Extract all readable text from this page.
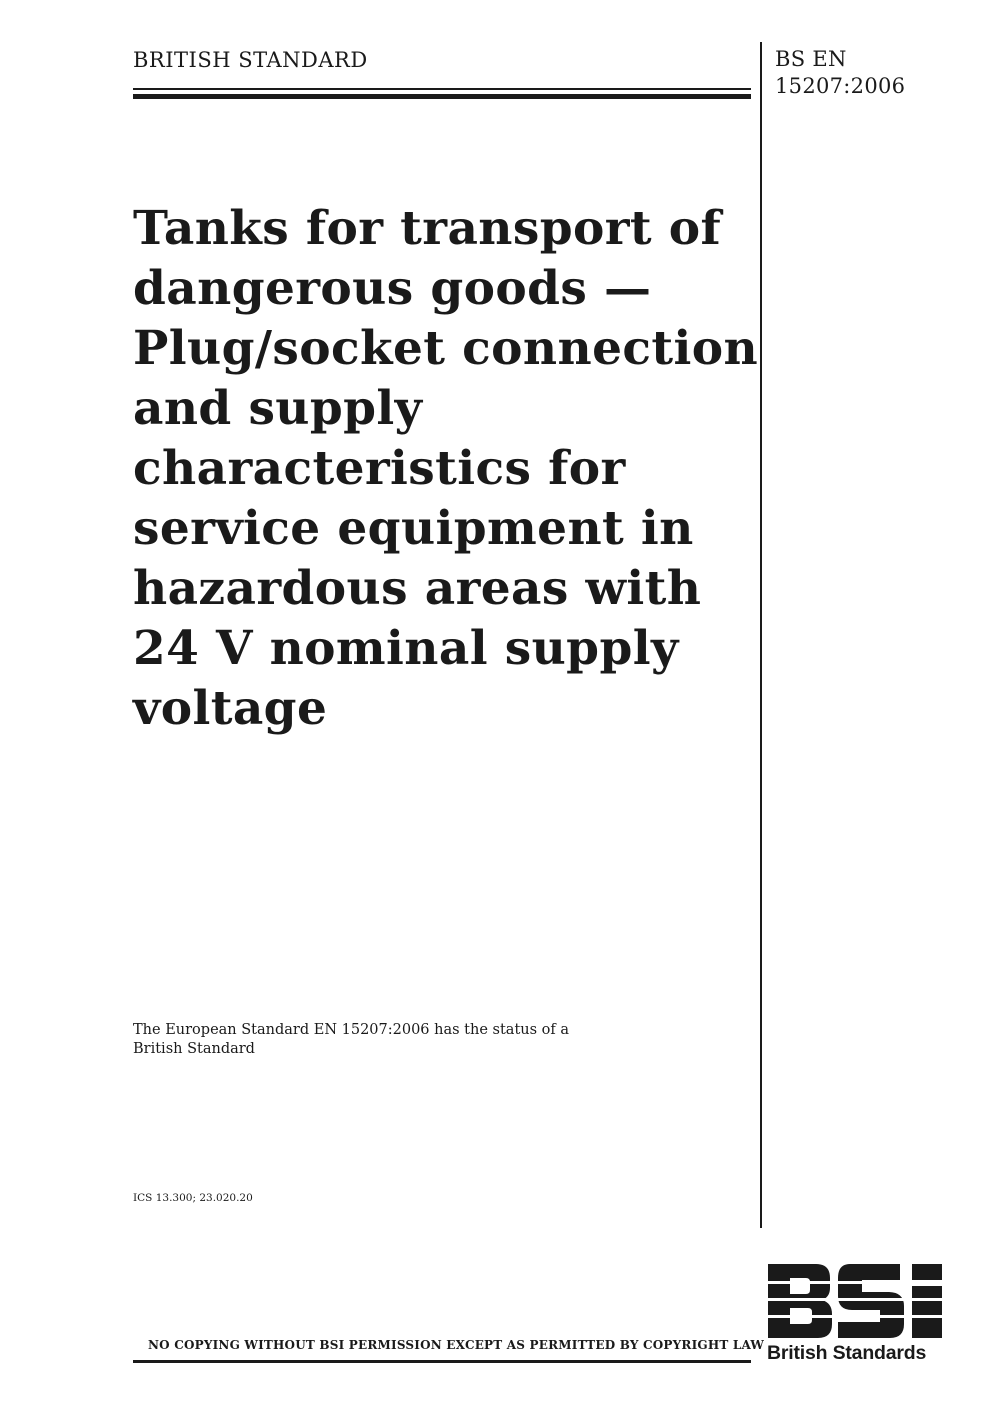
BRITISH STANDARD	BS EN
15207:2006
Tanks for transport of
dangerous goods —
Plug/socket connection
and supply
characteristics for
service equipment in
hazardous areas with
24 V nominal supply
voltage
The European Standard EN 15207:2006 has the status of a
British Standard
ICS 13.300; 23.020.20
NO COPYING WITHOUT BSI PERMISSION EXCEPT AS PERMITTED BY COPYRIGHT LAW British Standards
